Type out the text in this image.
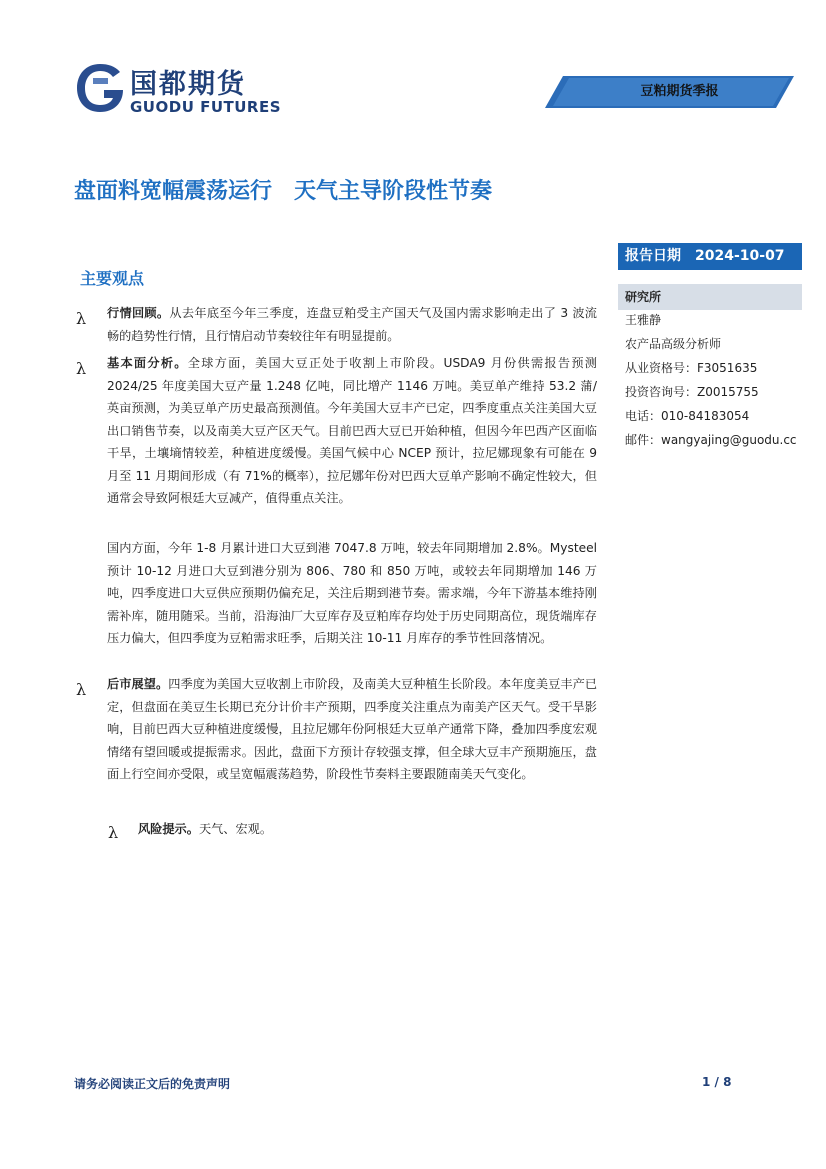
国都期货
GUODU FUTURES
豆粕期货季报
盘面料宽幅震荡运行　天气主导阶段性节奏
报告日期 2024-10-07
主要观点
研究所
王雅静
农产品高级分析师
从业资格号：F3051635
投资咨询号：Z0015755
电话：010-84183054
邮件：wangyajing@guodu.cc
λ 行情回顾。从去年底至今年三季度，连盘豆粕受主产国天气及国内需求影响走出了 3 波流畅的趋势性行情，且行情启动节奏较往年有明显提前。
λ 基本面分析。全球方面，美国大豆正处于收割上市阶段。USDA9 月份供需报告预测 2024/25 年度美国大豆产量 1.248 亿吨，同比增产 1146 万吨。美豆单产维持 53.2 蒲/英亩预测，为美豆单产历史最高预测值。今年美国大豆丰产已定，四季度重点关注美国大豆出口销售节奏，以及南美大豆产区天气。目前巴西大豆已开始种植，但因今年巴西产区面临干旱，土壤墒情较差，种植进度缓慢。美国气候中心 NCEP 预计，拉尼娜现象有可能在 9 月至 11 月期间形成（有 71%的概率），拉尼娜年份对巴西大豆单产影响不确定性较大，但通常会导致阿根廷大豆减产，值得重点关注。
国内方面，今年 1-8 月累计进口大豆到港 7047.8 万吨，较去年同期增加 2.8%。Mysteel 预计 10-12 月进口大豆到港分别为 806、780 和 850 万吨，或较去年同期增加 146 万吨，四季度进口大豆供应预期仍偏充足，关注后期到港节奏。需求端，今年下游基本维持刚需补库，随用随采。当前，沿海油厂大豆库存及豆粕库存均处于历史同期高位，现货端库存压力偏大，但四季度为豆粕需求旺季，后期关注 10-11 月库存的季节性回落情况。
λ 后市展望。四季度为美国大豆收割上市阶段，及南美大豆种植生长阶段。本年度美豆丰产已定，但盘面在美豆生长期已充分计价丰产预期，四季度关注重点为南美产区天气。受干旱影响，目前巴西大豆种植进度缓慢，且拉尼娜年份阿根廷大豆单产通常下降，叠加四季度宏观情绪有望回暖或提振需求。因此，盘面下方预计存较强支撑，但全球大豆丰产预期施压，盘面上行空间亦受限，或呈宽幅震荡趋势，阶段性节奏料主要跟随南美天气变化。
λ 风险提示。天气、宏观。
请务必阅读正文后的免责声明	1 / 8
